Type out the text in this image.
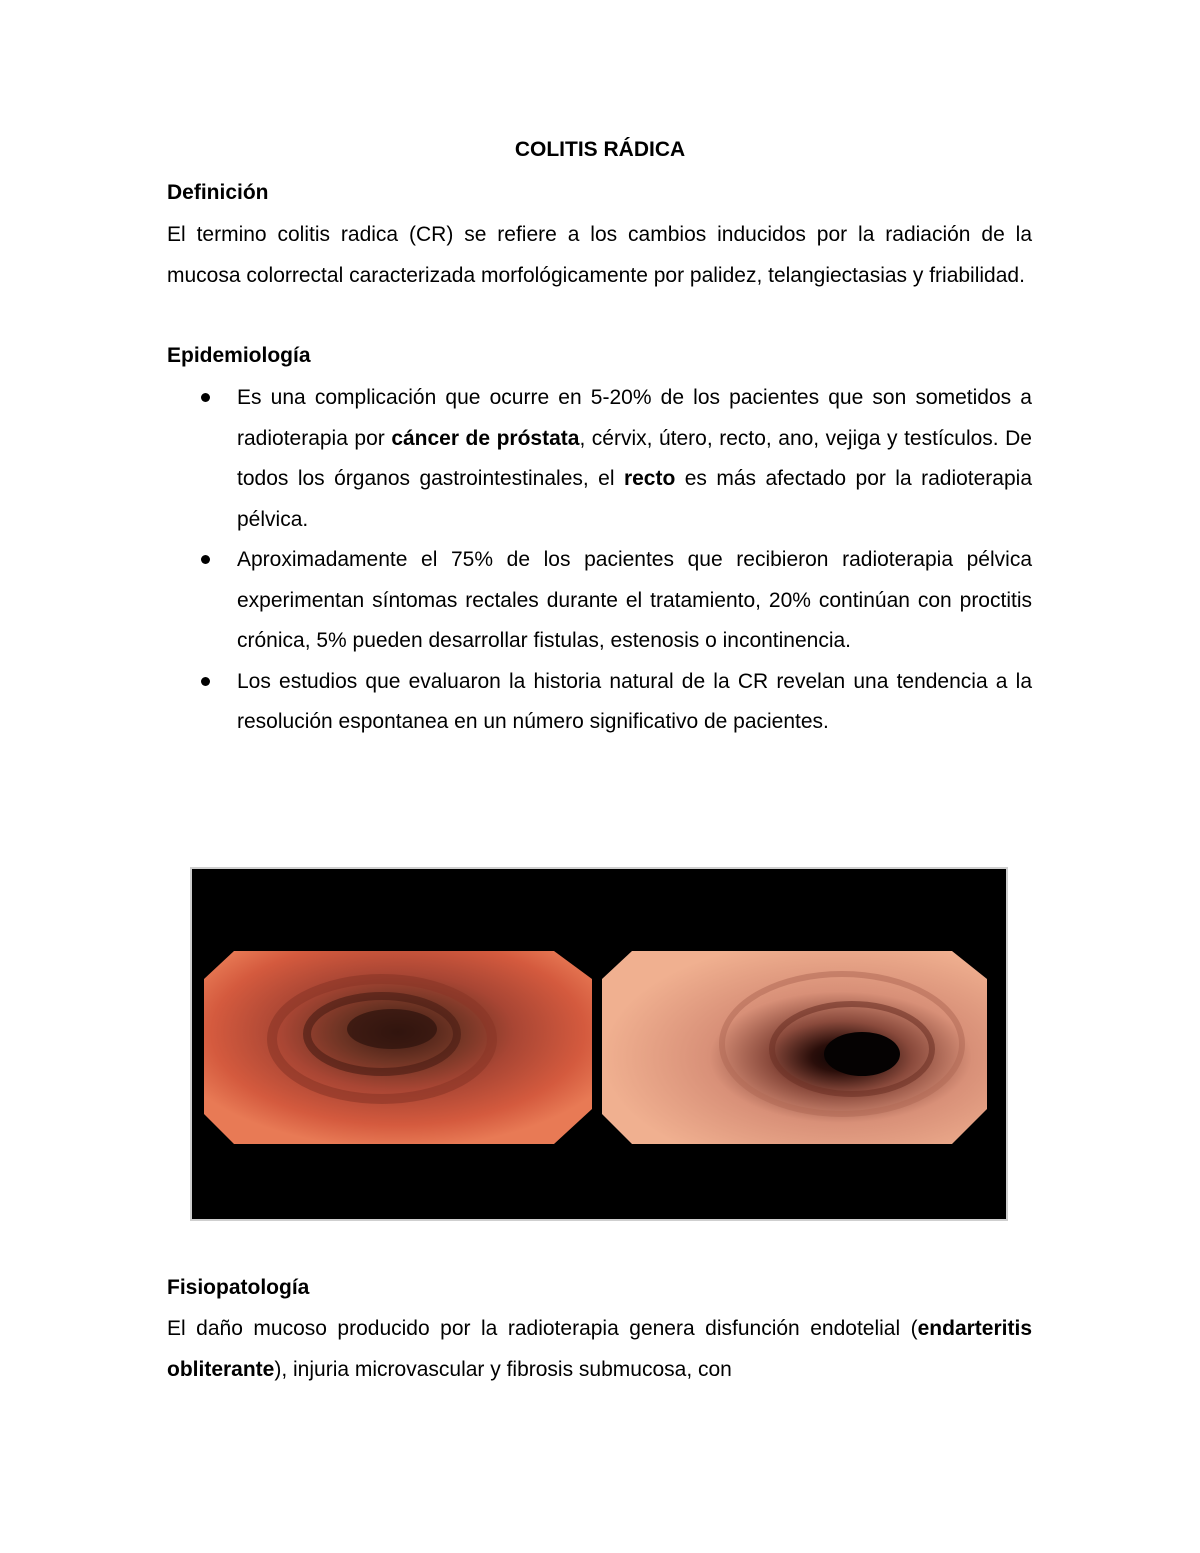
COLITIS RÁDICA
Definición

El termino colitis radica (CR) se refiere a los cambios inducidos por la radiación de la mucosa colorrectal caracterizada morfológicamente por palidez, telangiectasias y friabilidad.

Epidemiología
Es una complicación que ocurre en 5-20% de los pacientes que son sometidos a radioterapia por cáncer de próstata, cérvix, útero, recto, ano, vejiga y testículos. De todos los órganos gastrointestinales, el recto es más afectado por la radioterapia pélvica.
Aproximadamente el 75% de los pacientes que recibieron radioterapia pélvica experimentan síntomas rectales durante el tratamiento, 20% continúan con proctitis crónica, 5% pueden desarrollar fistulas, estenosis o incontinencia.
Los estudios que evaluaron la historia natural de la CR revelan una tendencia a la resolución espontanea en un número significativo de pacientes.
Fisiopatología

El daño mucoso producido por la radioterapia genera disfunción endotelial (endarteritis obliterante), injuria microvascular y fibrosis submucosa, con
